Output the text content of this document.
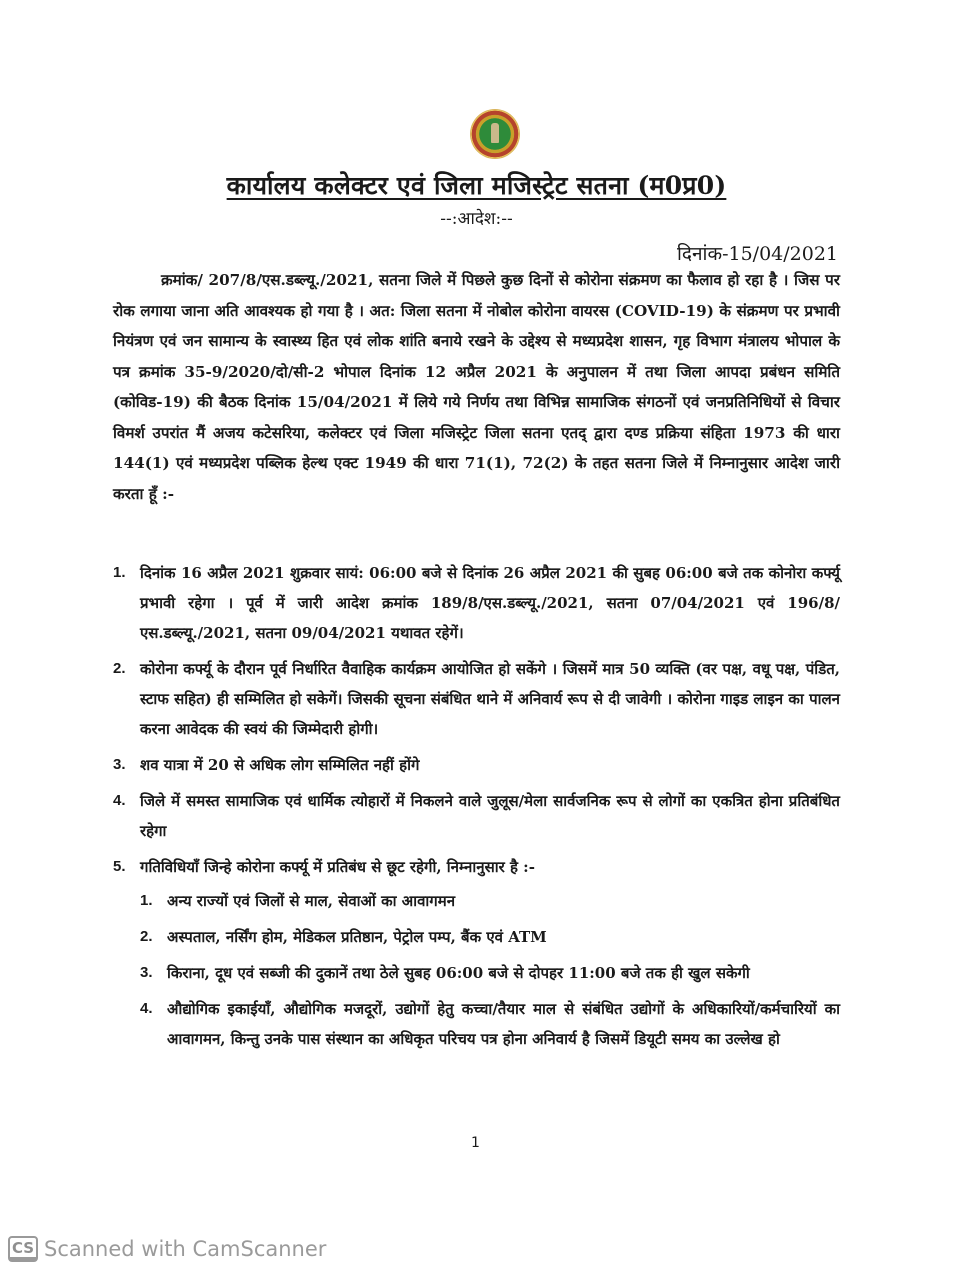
कार्यालय कलेक्टर एवं जिला मजिस्ट्रेट सतना (म0प्र0)
--:आदेश:--
दिनांक-15/04/2021
क्रमांक/ 207/8/एस.डब्ल्यू./2021, सतना जिले में पिछले कुछ दिनों से कोरोना संक्रमण का फैलाव हो रहा है । जिस पर रोक लगाया जाना अति आवश्यक हो गया है । अत: जिला सतना में नोबोल कोरोना वायरस (COVID-19) के संक्रमण पर प्रभावी नियंत्रण एवं जन सामान्य के स्वास्थ्य हित एवं लोक शांति बनाये रखने के उद्देश्य से मध्यप्रदेश शासन, गृह विभाग मंत्रालय भोपाल के पत्र क्रमांक 35-9/2020/दो/सी-2 भोपाल दिनांक 12 अप्रैल 2021 के अनुपालन में तथा जिला आपदा प्रबंधन समिति (कोविड-19) की बैठक दिनांक 15/04/2021 में लिये गये निर्णय तथा विभिन्न सामाजिक संगठनों एवं जनप्रतिनिधियों से विचार विमर्श उपरांत मैं अजय कटेसरिया, कलेक्टर एवं जिला मजिस्ट्रेट जिला सतना एतद् द्वारा दण्ड प्रक्रिया संहिता 1973 की धारा 144(1) एवं मध्यप्रदेश पब्लिक हेल्थ एक्ट 1949 की धारा 71(1), 72(2) के तहत सतना जिले में निम्नानुसार आदेश जारी करता हूँ :-
1. दिनांक 16 अप्रैल 2021 शुक्रवार सायं: 06:00 बजे से दिनांक 26 अप्रैल 2021 की सुबह 06:00 बजे तक कोनोरा कर्फ्यू प्रभावी रहेगा । पूर्व में जारी आदेश क्रमांक 189/8/एस.डब्ल्यू./2021, सतना 07/04/2021 एवं 196/8/एस.डब्ल्यू./2021, सतना 09/04/2021 यथावत रहेगें।
2. कोरोना कर्फ्यू के दौरान पूर्व निर्धारित वैवाहिक कार्यक्रम आयोजित हो सकेंगे । जिसमें मात्र 50 व्यक्ति (वर पक्ष, वधू पक्ष, पंडित, स्टाफ सहित) ही सम्मिलित हो सकेगें। जिसकी सूचना संबंधित थाने में अनिवार्य रूप से दी जावेगी । कोरोना गाइड लाइन का पालन करना आवेदक की स्वयं की जिम्मेदारी होगी।
3. शव यात्रा में 20 से अधिक लोग सम्मिलित नहीं होंगे
4. जिले में समस्त सामाजिक एवं धार्मिक त्योहारों में निकलने वाले जुलूस/मेला सार्वजनिक रूप से लोगों का एकत्रित होना प्रतिबंधित रहेगा
5. गतिविधियाँ जिन्हे कोरोना कर्फ्यू में प्रतिबंध से छूट रहेगी, निम्नानुसार है :-
1. अन्य राज्यों एवं जिलों से माल, सेवाओं का आवागमन
2. अस्पताल, नर्सिंग होम, मेडिकल प्रतिष्ठान, पेट्रोल पम्प, बैंक एवं ATM
3. किराना, दूध एवं सब्जी की दुकानें तथा ठेले सुबह 06:00 बजे से दोपहर 11:00 बजे तक ही खुल सकेगी
4. औद्योगिक इकाईयाँ, औद्योगिक मजदूरों, उद्योगों हेतु कच्चा/तैयार माल से संबंधित उद्योगों के अधिकारियों/कर्मचारियों का आवागमन, किन्तु उनके पास संस्थान का अधिकृत परिचय पत्र होना अनिवार्य है जिसमें डियूटी समय का उल्लेख हो
1
CS Scanned with CamScanner
